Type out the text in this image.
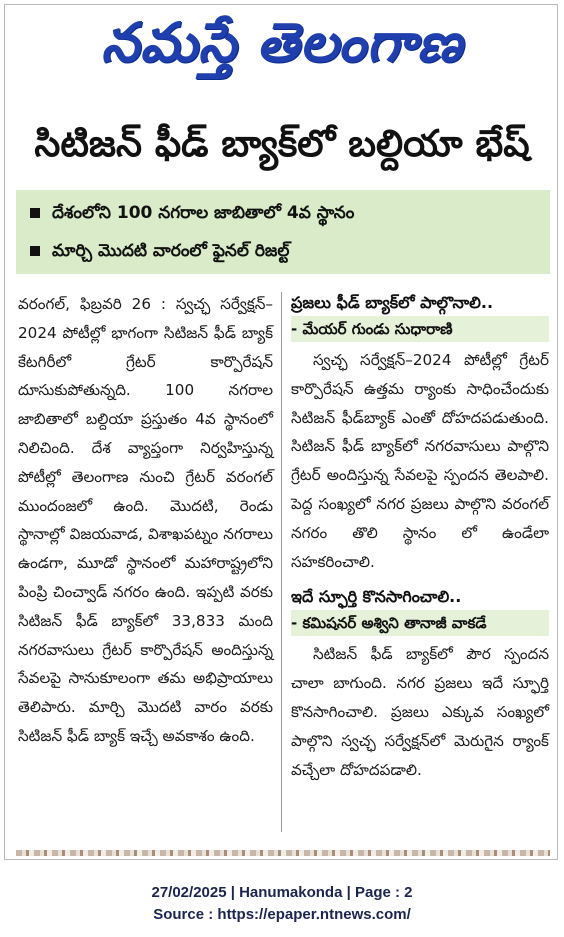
నమస్తే తెలంగాణ
సిటిజన్ ఫీడ్ బ్యాక్‌లో బల్దియా భేష్
దేశంలోని 100 నగరాల జాబితాలో 4వ స్థానం
మార్చి మొదటి వారంలో ఫైనల్ రిజల్ట్
వరంగల్, ఫిబ్రవరి 26 : స్వచ్ఛ సర్వేక్షన్–2024 పోటీల్లో భాగంగా సిటిజన్ ఫీడ్ బ్యాక్ కేటగిరీలో గ్రేటర్ కార్పొరేషన్ దూసుకుపోతున్నది. 100 నగరాల జాబితాలో బల్దియా ప్రస్తుతం 4వ స్థానంలో నిలిచింది. దేశ వ్యాప్తంగా నిర్వహిస్తున్న పోటీల్లో తెలంగాణ నుంచి గ్రేటర్ వరంగల్ ముందంజలో ఉంది. మొదటి, రెండు స్థానాల్లో విజయవాడ, విశాఖపట్నం నగరాలు ఉండగా, మూడో స్థానంలో మహారాష్ట్రలోని పింప్రి చించ్వాడ్ నగరం ఉంది. ఇప్పటి వరకు సిటిజన్ ఫీడ్ బ్యాక్‌లో 33,833 మంది నగరవాసులు గ్రేటర్ కార్పొరేషన్ అందిస్తున్న సేవలపై సానుకూలంగా తమ అభిప్రాయాలు తెలిపారు. మార్చి మొదటి వారం వరకు సిటిజన్ ఫీడ్ బ్యాక్ ఇచ్చే అవకాశం ఉంది.
ప్రజలు ఫీడ్ బ్యాక్‌లో పాల్గొనాలి..
- మేయర్ గుండు సుధారాణి

స్వచ్ఛ సర్వేక్షన్–2024 పోటీల్లో గ్రేటర్ కార్పొరేషన్ ఉత్తమ ర్యాంకు సాధించేందుకు సిటిజన్ ఫీడ్‌బ్యాక్ ఎంతో దోహదపడుతుంది. సిటిజన్ ఫీడ్ బ్యాక్‌లో నగరవాసులు పాల్గొని గ్రేటర్ అందిస్తున్న సేవలపై స్పందన తెలపాలి. పెద్ద సంఖ్యలో నగర ప్రజలు పాల్గొని వరంగల్ నగరం తొలి స్థానం లో ఉండేలా సహకరించాలి.

ఇదే స్ఫూర్తి కొనసాగించాలి..
- కమిషనర్ అశ్విని తానాజీ వాకడే

సిటిజన్ ఫీడ్ బ్యాక్‌లో పౌర స్పందన చాలా బాగుంది. నగర ప్రజలు ఇదే స్ఫూర్తి కొనసాగించాలి. ప్రజలు ఎక్కువ సంఖ్యలో పాల్గొని స్వచ్ఛ సర్వేక్షన్‌లో మెరుగైన ర్యాంక్ వచ్చేలా దోహదపడాలి.

27/02/2025 | Hanumakonda | Page : 2
Source : https://epaper.ntnews.com/
